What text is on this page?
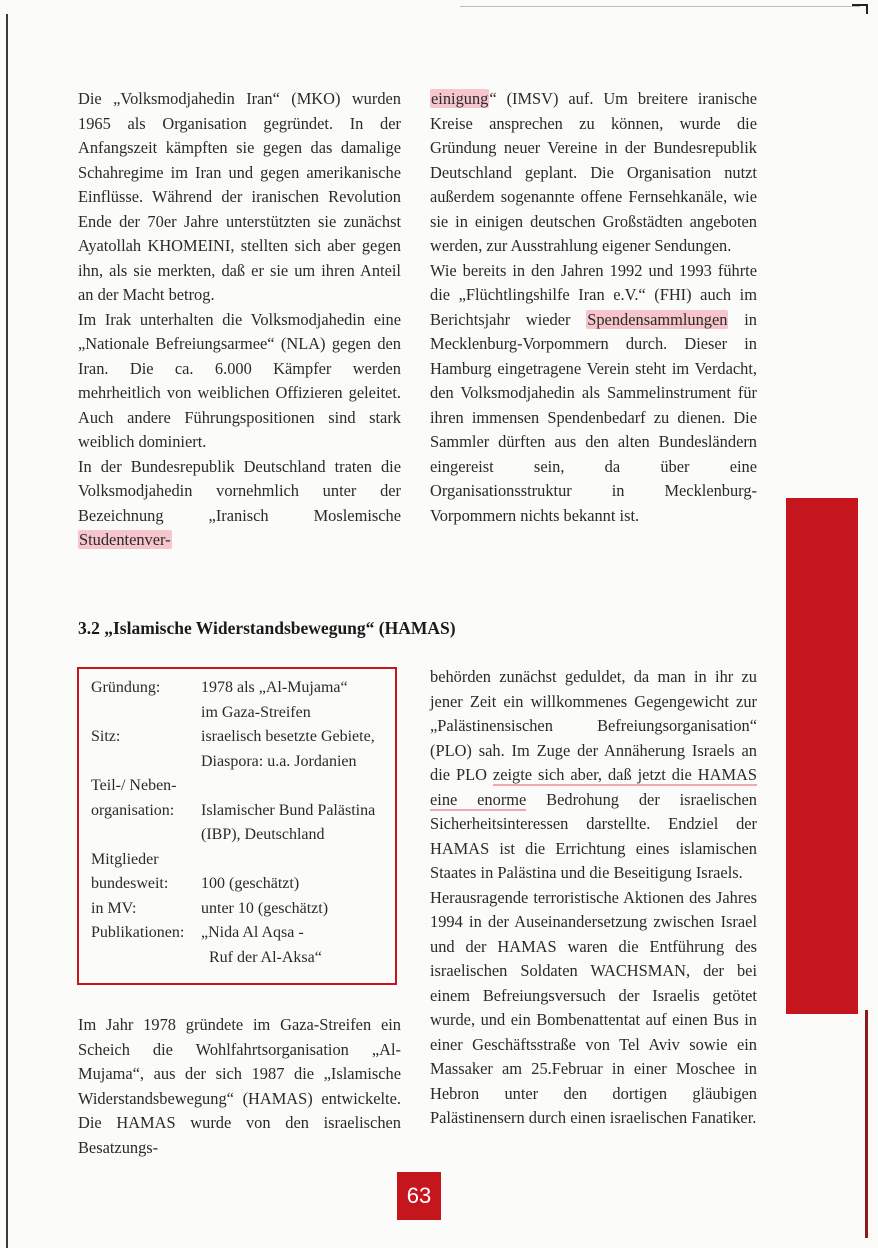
Die „Volksmodjahedin Iran“ (MKO) wurden 1965 als Organisation gegründet. In der Anfangszeit kämpften sie gegen das damalige Schahregime im Iran und gegen amerikanische Einflüsse. Während der iranischen Revolution Ende der 70er Jahre unterstützten sie zunächst Ayatollah KHOMEINI, stellten sich aber gegen ihn, als sie merkten, daß er sie um ihren Anteil an der Macht betrog.

Im Irak unterhalten die Volksmodjahedin eine „Nationale Befreiungsarmee“ (NLA) gegen den Iran. Die ca. 6.000 Kämpfer werden mehrheitlich von weiblichen Offizieren geleitet. Auch andere Führungspositionen sind stark weiblich dominiert.

In der Bundesrepublik Deutschland traten die Volksmodjahedin vornehmlich unter der Bezeichnung „Iranisch Moslemische Studentenver-

einigung“ (IMSV) auf. Um breitere iranische Kreise ansprechen zu können, wurde die Gründung neuer Vereine in der Bundesrepublik Deutschland geplant. Die Organisation nutzt außerdem sogenannte offene Fernsehkanäle, wie sie in einigen deutschen Großstädten angeboten werden, zur Ausstrahlung eigener Sendungen.

Wie bereits in den Jahren 1992 und 1993 führte die „Flüchtlingshilfe Iran e.V.“ (FHI) auch im Berichtsjahr wieder Spendensammlungen in Mecklenburg-Vorpommern durch. Dieser in Hamburg eingetragene Verein steht im Verdacht, den Volksmodjahedin als Sammelinstrument für ihren immensen Spendenbedarf zu dienen. Die Sammler dürften aus den alten Bundesländern eingereist sein, da über eine Organisationsstruktur in Mecklenburg-Vorpommern nichts bekannt ist.

3.2 „Islamische Widerstandsbewegung“ (HAMAS)
Gründung:	1978 als „Al-Mujama“
im Gaza-Streifen
Sitz:	israelisch besetzte Gebiete,
Diaspora: u.a. Jordanien
Teil-/ Neben-
organisation:	Islamischer Bund Palästina
(IBP), Deutschland
Mitglieder
bundesweit:	100 (geschätzt)
in MV:	unter 10 (geschätzt)
Publikationen:	„Nida Al Aqsa -
Ruf der Al-Aksa“

Im Jahr 1978 gründete im Gaza-Streifen ein Scheich die Wohlfahrtsorganisation „Al-Mujama“, aus der sich 1987 die „Islamische Widerstandsbewegung“ (HAMAS) entwickelte. Die HAMAS wurde von den israelischen Besatzungs-

behörden zunächst geduldet, da man in ihr zu jener Zeit ein willkommenes Gegengewicht zur „Palästinensischen Befreiungsorganisation“ (PLO) sah. Im Zuge der Annäherung Israels an die PLO zeigte sich aber, daß jetzt die HAMAS eine enorme Bedrohung der israelischen Sicherheitsinteressen darstellte. Endziel der HAMAS ist die Errichtung eines islamischen Staates in Palästina und die Beseitigung Israels.

Herausragende terroristische Aktionen des Jahres 1994 in der Auseinandersetzung zwischen Israel und der HAMAS waren die Entführung des israelischen Soldaten WACHSMAN, der bei einem Befreiungsversuch der Israelis getötet wurde, und ein Bombenattentat auf einen Bus in einer Geschäftsstraße von Tel Aviv sowie ein Massaker am 25.Februar in einer Moschee in Hebron unter den dortigen gläubigen Palästinensern durch einen israelischen Fanatiker.

63
